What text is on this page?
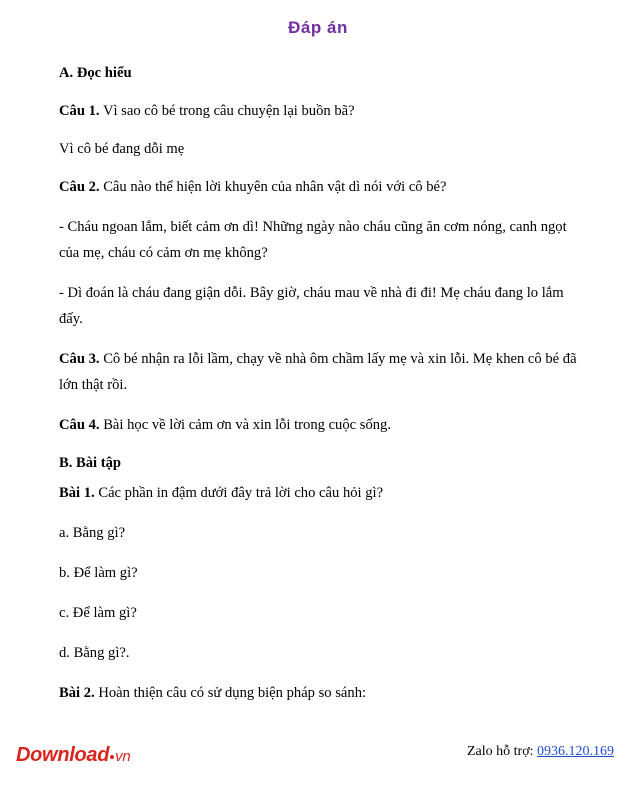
Đáp án

A. Đọc hiểu

Câu 1. Vì sao cô bé trong câu chuyện lại buồn bã?

Vì cô bé đang dỗi mẹ

Câu 2. Câu nào thể hiện lời khuyên của nhân vật dì nói với cô bé?

- Cháu ngoan lắm, biết cảm ơn dì! Những ngày nào cháu cũng ăn cơm nóng, canh ngọt của mẹ, cháu có cảm ơn mẹ không?

- Dì đoán là cháu đang giận dỗi. Bây giờ, cháu mau về nhà đi đi! Mẹ cháu đang lo lắm đấy.

Câu 3. Cô bé nhận ra lỗi lầm, chạy về nhà ôm chầm lấy mẹ và xin lỗi. Mẹ khen cô bé đã lớn thật rồi.

Câu 4. Bài học về lời cảm ơn và xin lỗi trong cuộc sống.

B. Bài tập

Bài 1. Các phần in đậm dưới đây trả lời cho câu hỏi gì?

a. Bằng gì?

b. Để làm gì?

c. Để làm gì?

d. Bằng gì?.

Bài 2. Hoàn thiện câu có sử dụng biện pháp so sánh:

Download vn	Zalo hỗ trợ: 0936.120.169
